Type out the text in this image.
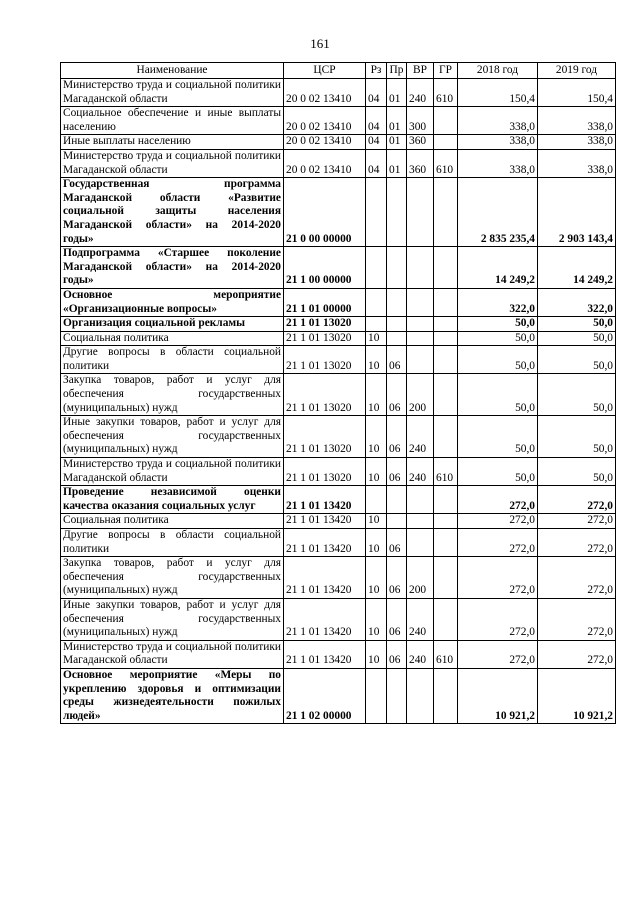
161
Наименование	ЦСР	Рз	Пр	ВР	ГР	2018 год	2019 год
Министерство труда и социальной политики Магаданской области	20 0 02 13410	04	01	240	610	150,4	150,4
Социальное обеспечение и иные выплаты населению	20 0 02 13410	04	01	300		338,0	338,0
Иные выплаты населению	20 0 02 13410	04	01	360		338,0	338,0
Министерство труда и социальной политики Магаданской области	20 0 02 13410	04	01	360	610	338,0	338,0
Государственная программа Магаданской области «Развитие социальной защиты населения Магаданской области» на 2014-2020 годы»	21 0 00 00000					2 835 235,4	2 903 143,4
Подпрограмма «Старшее поколение Магаданской области» на 2014-2020 годы»	21 1 00 00000					14 249,2	14 249,2
Основное мероприятие «Организационные вопросы»	21 1 01 00000					322,0	322,0
Организация социальной рекламы	21 1 01 13020					50,0	50,0
Социальная политика	21 1 01 13020	10				50,0	50,0
Другие вопросы в области социальной политики	21 1 01 13020	10	06			50,0	50,0
Закупка товаров, работ и услуг для обеспечения государственных (муниципальных) нужд	21 1 01 13020	10	06	200		50,0	50,0
Иные закупки товаров, работ и услуг для обеспечения государственных (муниципальных) нужд	21 1 01 13020	10	06	240		50,0	50,0
Министерство труда и социальной политики Магаданской области	21 1 01 13020	10	06	240	610	50,0	50,0
Проведение независимой оценки качества оказания социальных услуг	21 1 01 13420					272,0	272,0
Социальная политика	21 1 01 13420	10				272,0	272,0
Другие вопросы в области социальной политики	21 1 01 13420	10	06			272,0	272,0
Закупка товаров, работ и услуг для обеспечения государственных (муниципальных) нужд	21 1 01 13420	10	06	200		272,0	272,0
Иные закупки товаров, работ и услуг для обеспечения государственных (муниципальных) нужд	21 1 01 13420	10	06	240		272,0	272,0
Министерство труда и социальной политики Магаданской области	21 1 01 13420	10	06	240	610	272,0	272,0
Основное мероприятие «Меры по укреплению здоровья и оптимизации среды жизнедеятельности пожилых людей»	21 1 02 00000					10 921,2	10 921,2
